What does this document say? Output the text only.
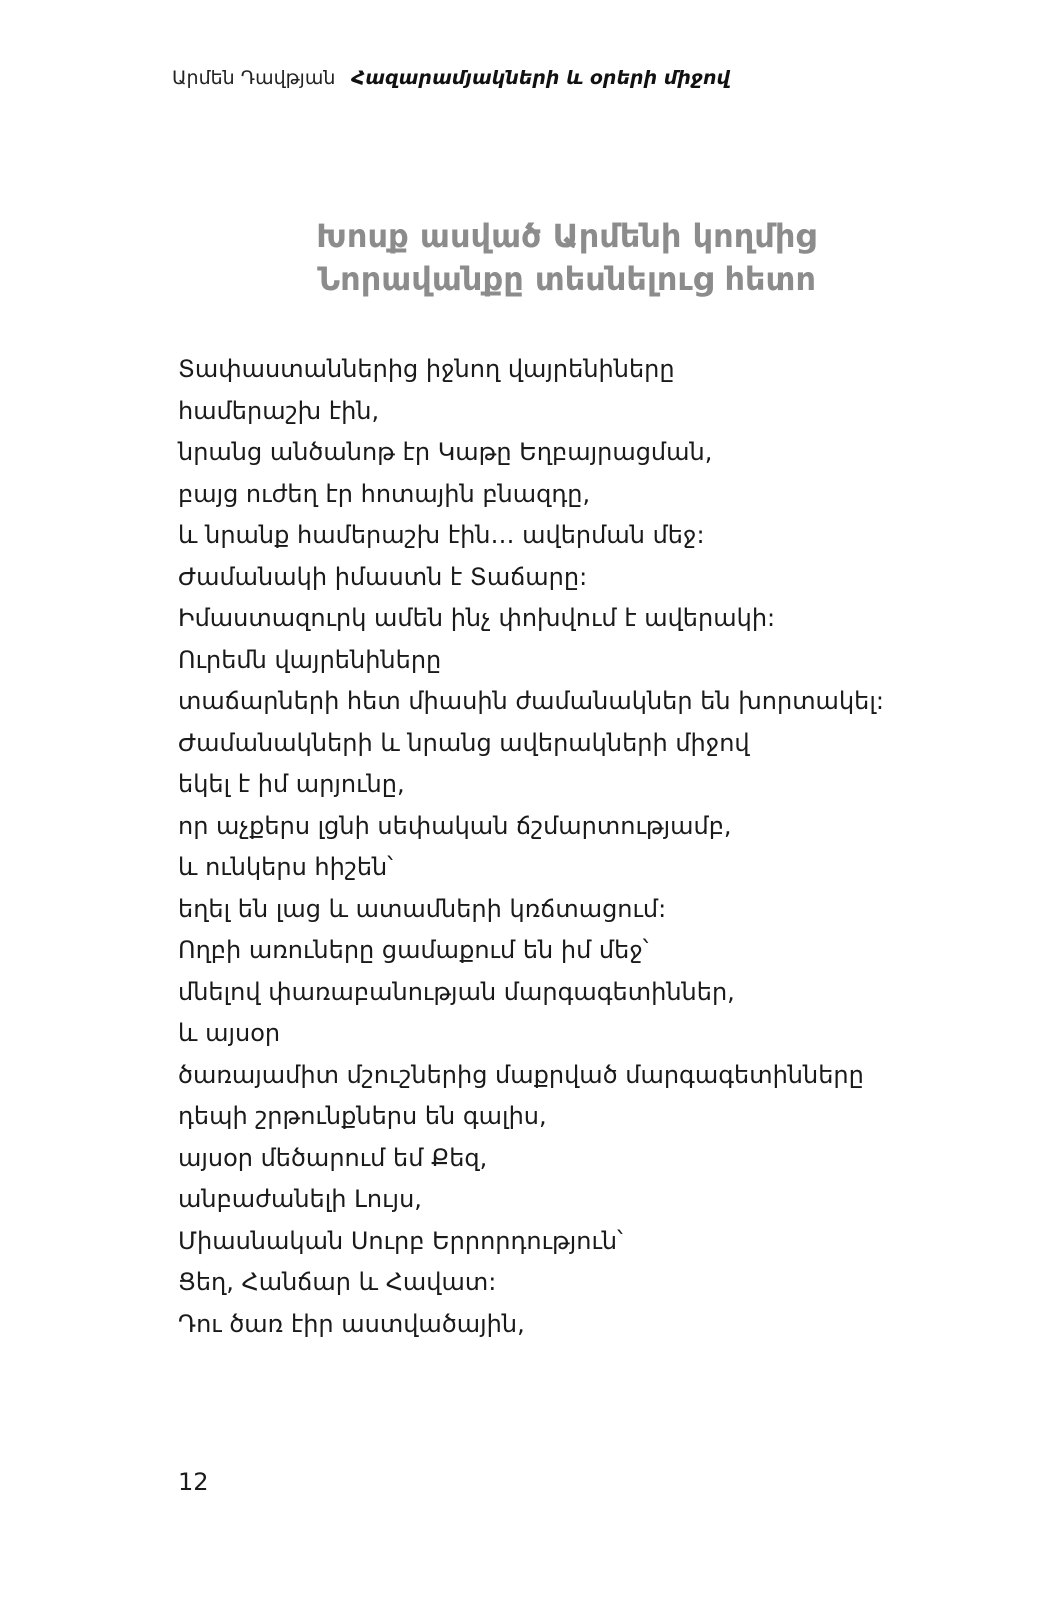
Արմեն Դավթյան Հազարամյակների և օրերի միջով
Խոսք ասված Արմենի կողմից
Նորավանքը տեսնելուց հետո
Տափաստաններից իջնող վայրենիները
համերաշխ էին,
նրանց անծանոթ էր Կաթը Եղբայրացման,
բայց ուժեղ էր հոտային բնազդը,
և նրանք համերաշխ էին… ավերման մեջ:
Ժամանակի իմաստն է Տաճարը:
Իմաստազուրկ ամեն ինչ փոխվում է ավերակի:
Ուրեմն վայրենիները
տաճարների հետ միասին ժամանակներ են խորտակել:
Ժամանակների և նրանց ավերակների միջով
եկել է իմ արյունը,
որ աչքերս լցնի սեփական ճշմարտությամբ,
և ունկերս հիշեն՝
եղել են լաց և ատամների կռճտացում:
Ողբի առուները ցամաքում են իմ մեջ՝
մնելով փառաբանության մարգագետիններ,
և այսօր
ծառայամիտ մշուշներից մաքրված մարգագետինները
դեպի շրթունքներս են գալիս,
այսօր մեծարում եմ Քեզ,
անբաժանելի Լույս,
Միասնական Սուրբ Երրորդություն՝
Ցեղ, Հանճար և Հավատ:
Դու ծառ էիր աստվածային,
12
